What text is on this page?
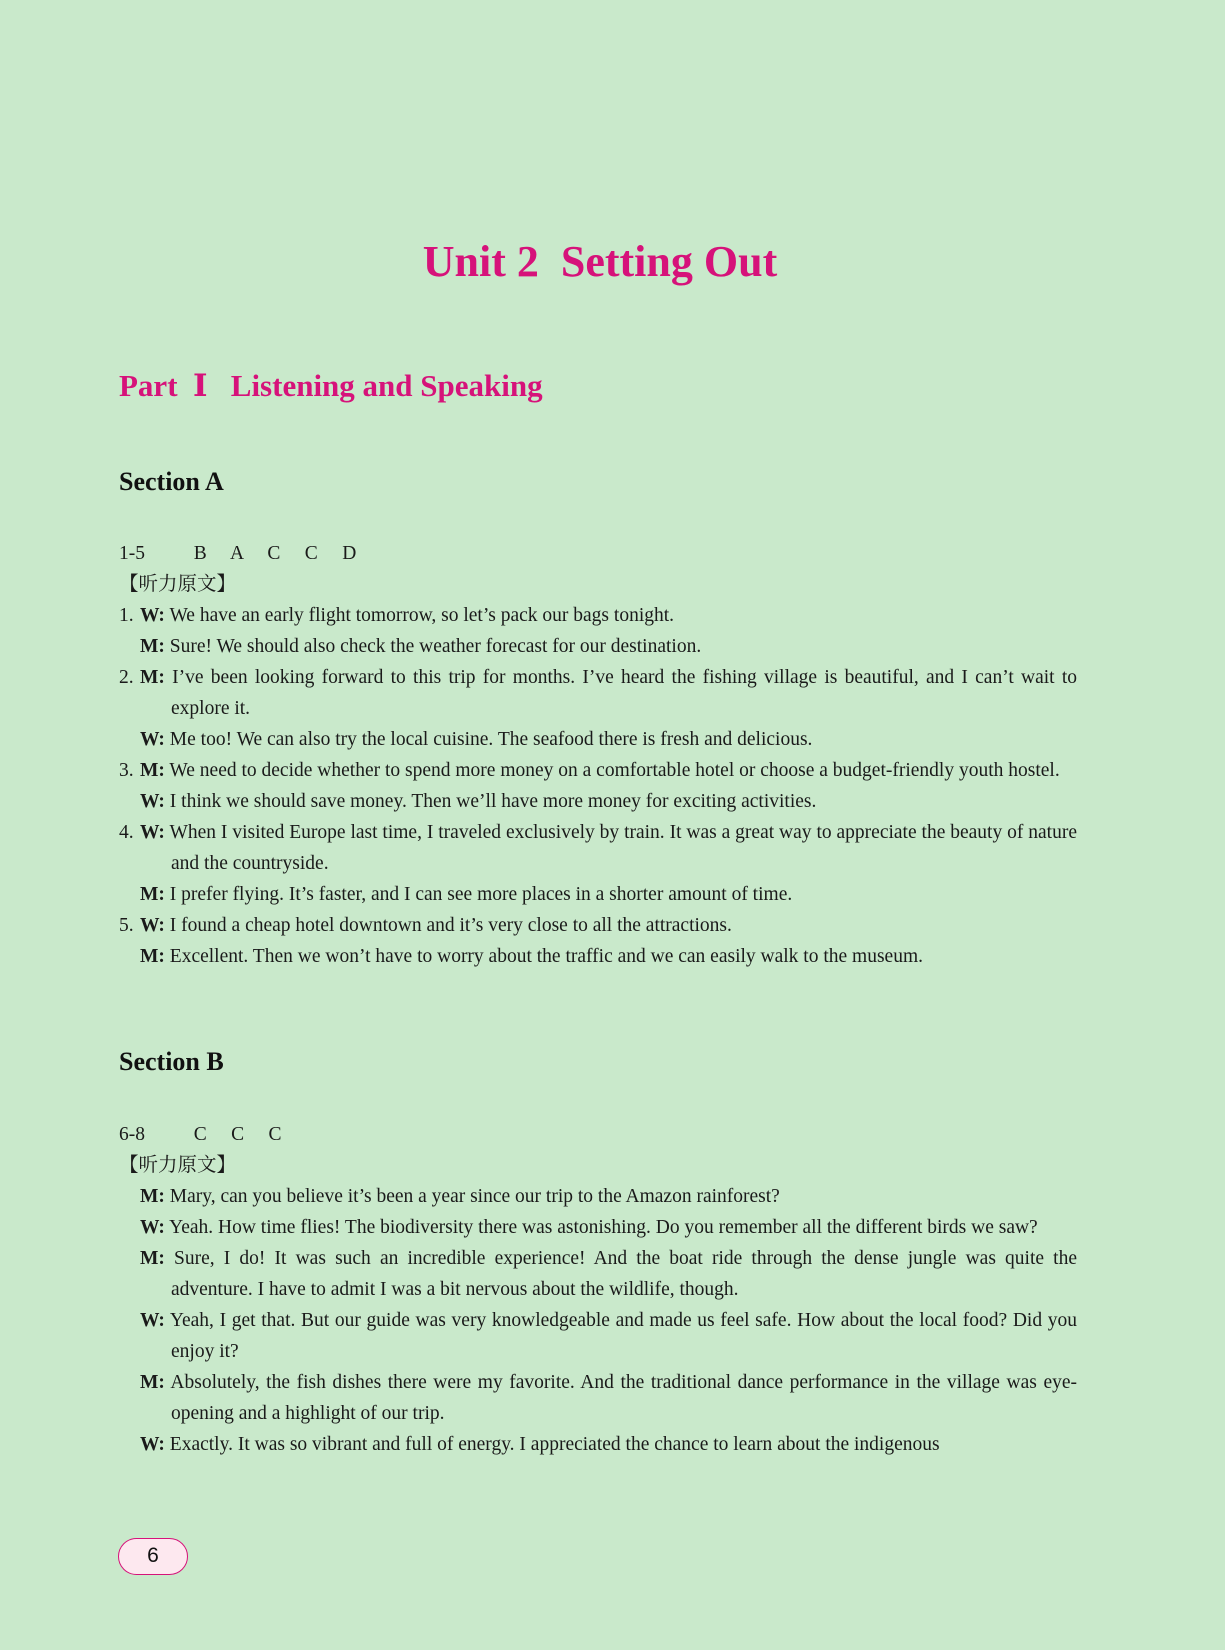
Unit 2  Setting Out
Part  Ⅰ   Listening and Speaking
Section A
1-5          B     A     C     C     D
【听力原文】
1. W: We have an early flight tomorrow, so let’s pack our bags tonight.
M: Sure! We should also check the weather forecast for our destination.
2. M: I’ve been looking forward to this trip for months. I’ve heard the fishing village is beautiful, and I can’t wait to explore it.
W: Me too! We can also try the local cuisine. The seafood there is fresh and delicious.
3. M: We need to decide whether to spend more money on a comfortable hotel or choose a budget-friendly youth hostel.
W: I think we should save money. Then we’ll have more money for exciting activities.
4. W: When I visited Europe last time, I traveled exclusively by train. It was a great way to appreciate the beauty of nature and the countryside.
M: I prefer flying. It’s faster, and I can see more places in a shorter amount of time.
5. W: I found a cheap hotel downtown and it’s very close to all the attractions.
M: Excellent. Then we won’t have to worry about the traffic and we can easily walk to the museum.
Section B
6-8          C     C     C
【听力原文】
M: Mary, can you believe it’s been a year since our trip to the Amazon rainforest?
W: Yeah. How time flies! The biodiversity there was astonishing. Do you remember all the different birds we saw?
M: Sure, I do! It was such an incredible experience! And the boat ride through the dense jungle was quite the adventure. I have to admit I was a bit nervous about the wildlife, though.
W: Yeah, I get that. But our guide was very knowledgeable and made us feel safe. How about the local food? Did you enjoy it?
M: Absolutely, the fish dishes there were my favorite. And the traditional dance performance in the village was eye-opening and a highlight of our trip.
W: Exactly. It was so vibrant and full of energy. I appreciated the chance to learn about the indigenous
6
